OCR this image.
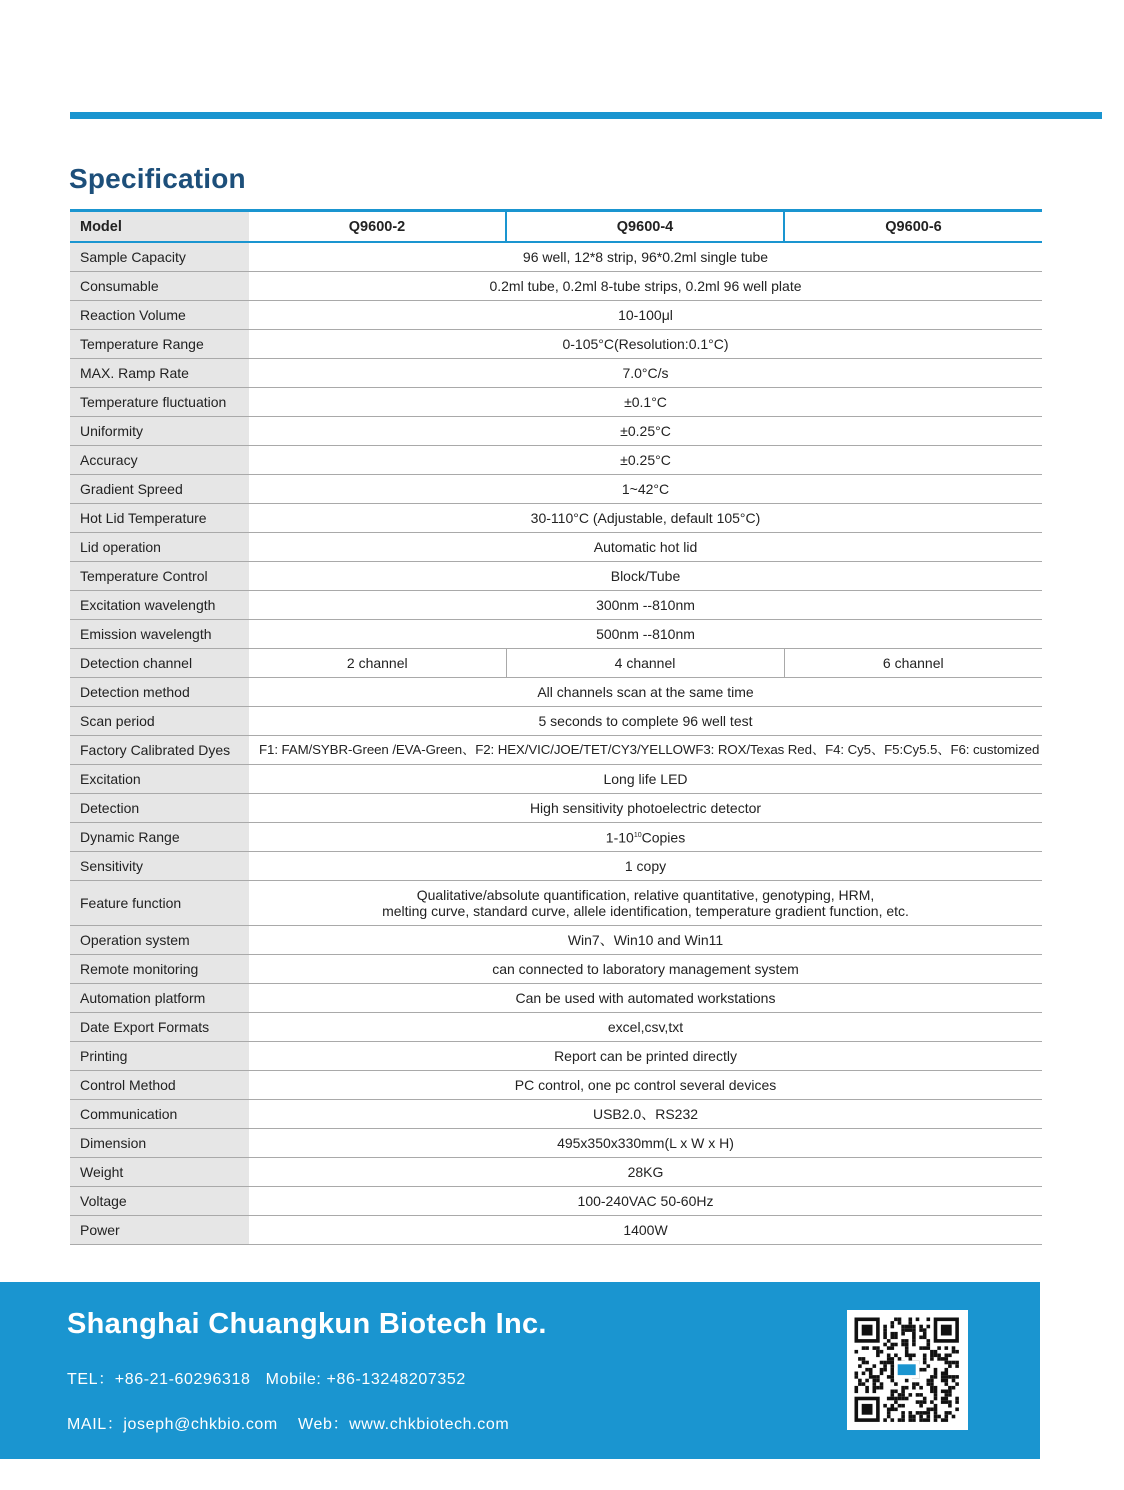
Specification
Model	Q9600-2	Q9600-4	Q9600-6
Sample Capacity	96 well, 12*8 strip, 96*0.2ml single tube		
Consumable	0.2ml tube, 0.2ml 8-tube strips, 0.2ml 96 well plate		
Reaction Volume	10-100μl		
Temperature Range	0-105°C(Resolution:0.1°C)		
MAX. Ramp Rate	7.0°C/s		
Temperature fluctuation	±0.1°C		
Uniformity	±0.25°C		
Accuracy	±0.25°C		
Gradient Spreed	1~42°C		
Hot Lid Temperature	30-110°C (Adjustable, default 105°C)		
Lid operation	Automatic hot lid		
Temperature Control	Block/Tube		
Excitation wavelength	300nm --810nm		
Emission wavelength	500nm --810nm		
Detection channel	2 channel	4 channel	6 channel
Detection method	All channels scan at the same time		
Scan period	5 seconds to complete 96 well test		
Factory Calibrated Dyes	F1: FAM/SYBR-Green /EVA-Green、F2: HEX/VIC/JOE/TET/CY3/YELLOWF3: ROX/Texas Red、F4: Cy5、F5:Cy5.5、F6: customized		
Excitation	Long life LED		
Detection	High sensitivity photoelectric detector		
Dynamic Range	$1-10^{10}Copies$		
Sensitivity	1 copy		
Feature function	Qualitative/absolute quantification, relative quantitative, genotyping, HRM,
melting curve, standard curve, allele identification, temperature gradient function, etc.		

Operation system	Win7、Win10 and Win11		
Remote monitoring	can connected to laboratory management system		
Automation platform	Can be used with automated workstations		
Date Export Formats	excel,csv,txt		
Printing	Report can be printed directly		
Control Method	PC control, one pc control several devices		
Communication	USB2.0、RS232		
Dimension	495x350x330mm(L x W x H)		
Weight	28KG		
Voltage	100-240VAC 50-60Hz		
Power	1400W		
Shanghai Chuangkun Biotech Inc.
TEL：+86-21-60296318 Mobile: +86-13248207352
MAIL：joseph@chkbio.com Web：www.chkbiotech.com
